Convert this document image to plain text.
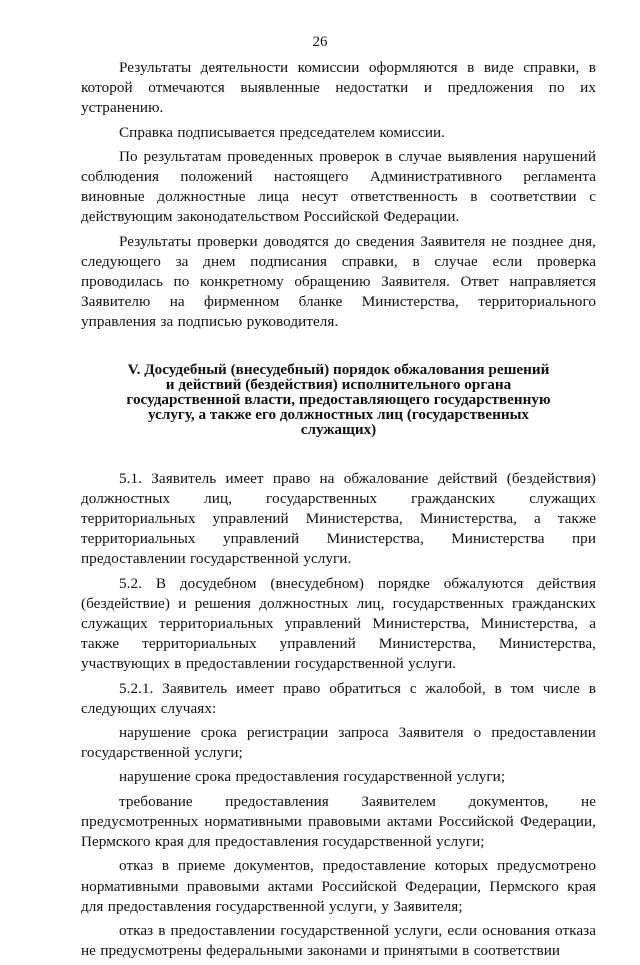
26

Результаты деятельности комиссии оформляются в виде справки, в которой отмечаются выявленные недостатки и предложения по их устранению.

Справка подписывается председателем комиссии.

По результатам проведенных проверок в случае выявления нарушений соблюдения положений настоящего Административного регламента виновные должностные лица несут ответственность в соответствии с действующим законодательством Российской Федерации.

Результаты проверки доводятся до сведения Заявителя не позднее дня, следующего за днем подписания справки, в случае если проверка проводилась по конкретному обращению Заявителя. Ответ направляется Заявителю на фирменном бланке Министерства, территориального управления за подписью руководителя.

V. Досудебный (внесудебный) порядок обжалования решений
и действий (бездействия) исполнительного органа
государственной власти, предоставляющего государственную
услугу, а также его должностных лиц (государственных
служащих)

5.1. Заявитель имеет право на обжалование действий (бездействия) должностных лиц, государственных гражданских служащих территориальных управлений Министерства, Министерства, а также территориальных управлений Министерства, Министерства при предоставлении государственной услуги.

5.2. В досудебном (внесудебном) порядке обжалуются действия (бездействие) и решения должностных лиц, государственных гражданских служащих территориальных управлений Министерства, Министерства, а также территориальных управлений Министерства, Министерства, участвующих в предоставлении государственной услуги.

5.2.1. Заявитель имеет право обратиться с жалобой, в том числе в следующих случаях:

нарушение срока регистрации запроса Заявителя о предоставлении государственной услуги;

нарушение срока предоставления государственной услуги;

требование предоставления Заявителем документов, не предусмотренных нормативными правовыми актами Российской Федерации, Пермского края для предоставления государственной услуги;

отказ в приеме документов, предоставление которых предусмотрено нормативными правовыми актами Российской Федерации, Пермского края для предоставления государственной услуги, у Заявителя;

отказ в предоставлении государственной услуги, если основания отказа не предусмотрены федеральными законами и принятыми в соответствии
